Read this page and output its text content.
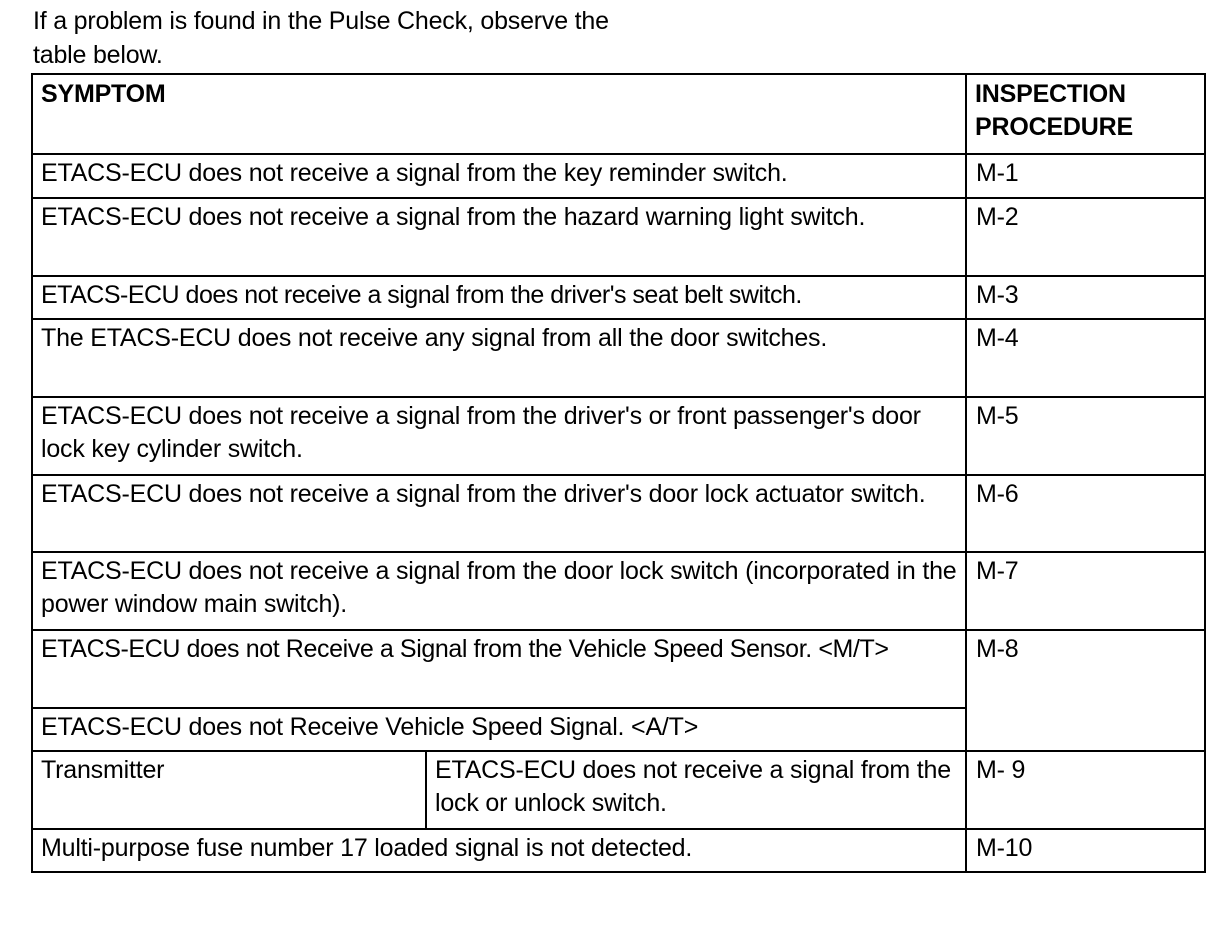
If a problem is found in the Pulse Check, observe the
table below.
SYMPTOM		INSPECTION
PROCEDURE

ETACS-ECU does not receive a signal from the key reminder switch.		M-1
ETACS-ECU does not receive a signal from the hazard warning light switch.		M-2
ETACS-ECU does not receive a signal from the driver's seat belt switch.		M-3
The ETACS-ECU does not receive any signal from all the door switches.		M-4
ETACS-ECU does not receive a signal from the driver's or front passenger's door lock key cylinder switch.		M-5
ETACS-ECU does not receive a signal from the driver's door lock actuator switch.		M-6
ETACS-ECU does not receive a signal from the door lock switch (incorporated in the power window main switch).		M-7
ETACS-ECU does not Receive a Signal from the Vehicle Speed Sensor. <M/T>		M-8
ETACS-ECU does not Receive Vehicle Speed Signal. <A/T>		
Transmitter	ETACS-ECU does not receive a signal from the lock or unlock switch.	M- 9
Multi-purpose fuse number 17 loaded signal is not detected.		M-10
